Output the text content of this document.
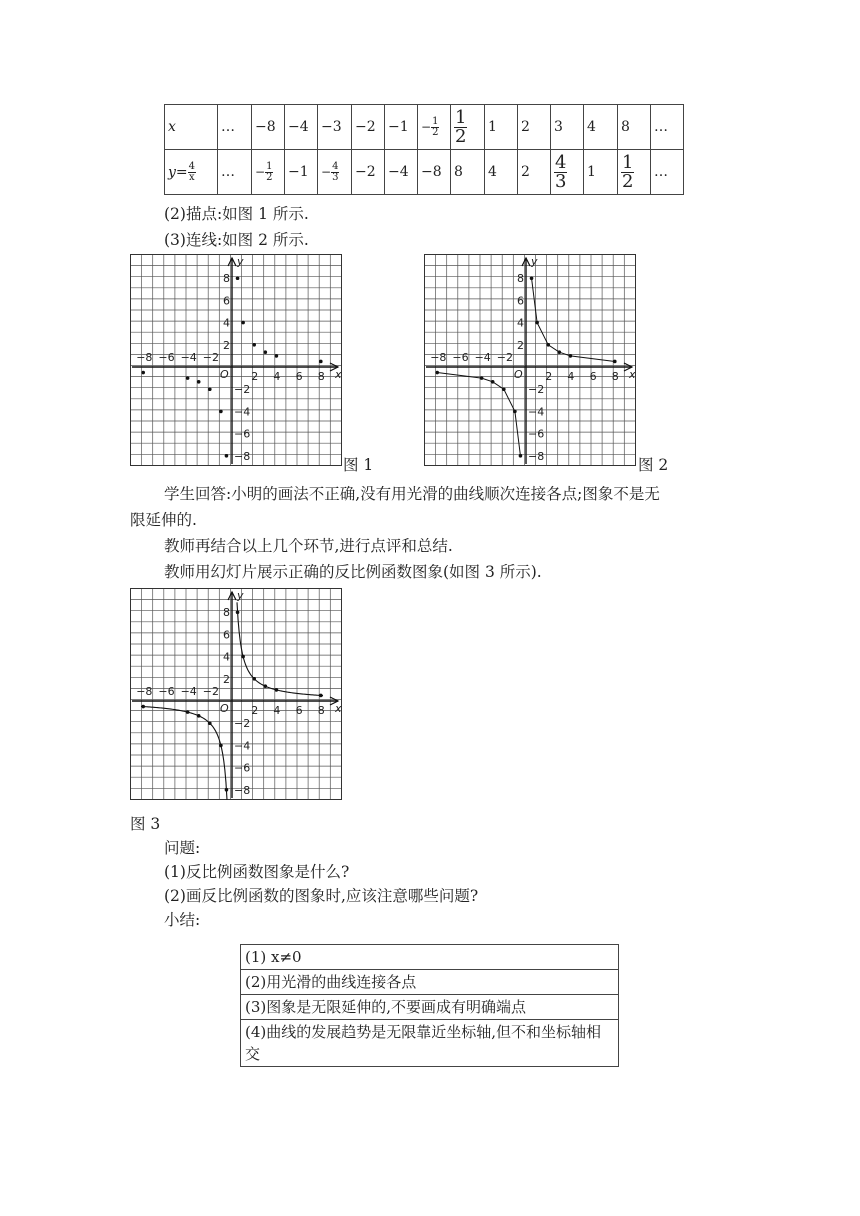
x	…	−8	−4	−3	−2	−1	− $\frac{1}{2}$	$\frac{1}{2}$	1	2	3	4	8	…
$y= \frac{4}{x}$	…	− $\frac{1}{2}$	−1	− $\frac{4}{3}$	−2	−4	−8	8	4	2	$\frac{4}{3}$	1	$\frac{1}{2}$	…
(2)描点:如图 1 所示.
(3)连线:如图 2 所示.
x
y
O
−8 −6 −4 −2
2 4 6 8
8
6
4
2
−2
−4
−6
−8	图 1
x
y
O
−8 −6 −4 −2
2 4 6 8
8
6
4
2
−2
−4
−6
−8	图 2
学生回答:小明的画法不正确,没有用光滑的曲线顺次连接各点;图象不是无
限延伸的.
教师再结合以上几个环节,进行点评和总结.
教师用幻灯片展示正确的反比例函数图象(如图 3 所示).
x
y
O
−8 −6 −4 −2
2 4 6 8
8
6
4
2
−2
−4
−6
−8
图 3
问题:
(1)反比例函数图象是什么?
(2)画反比例函数的图象时,应该注意哪些问题?
小结:
(1) x≠0
(2)用光滑的曲线连接各点
(3)图象是无限延伸的,不要画成有明确端点
(4)曲线的发展趋势是无限靠近坐标轴,但不和坐标轴相交
